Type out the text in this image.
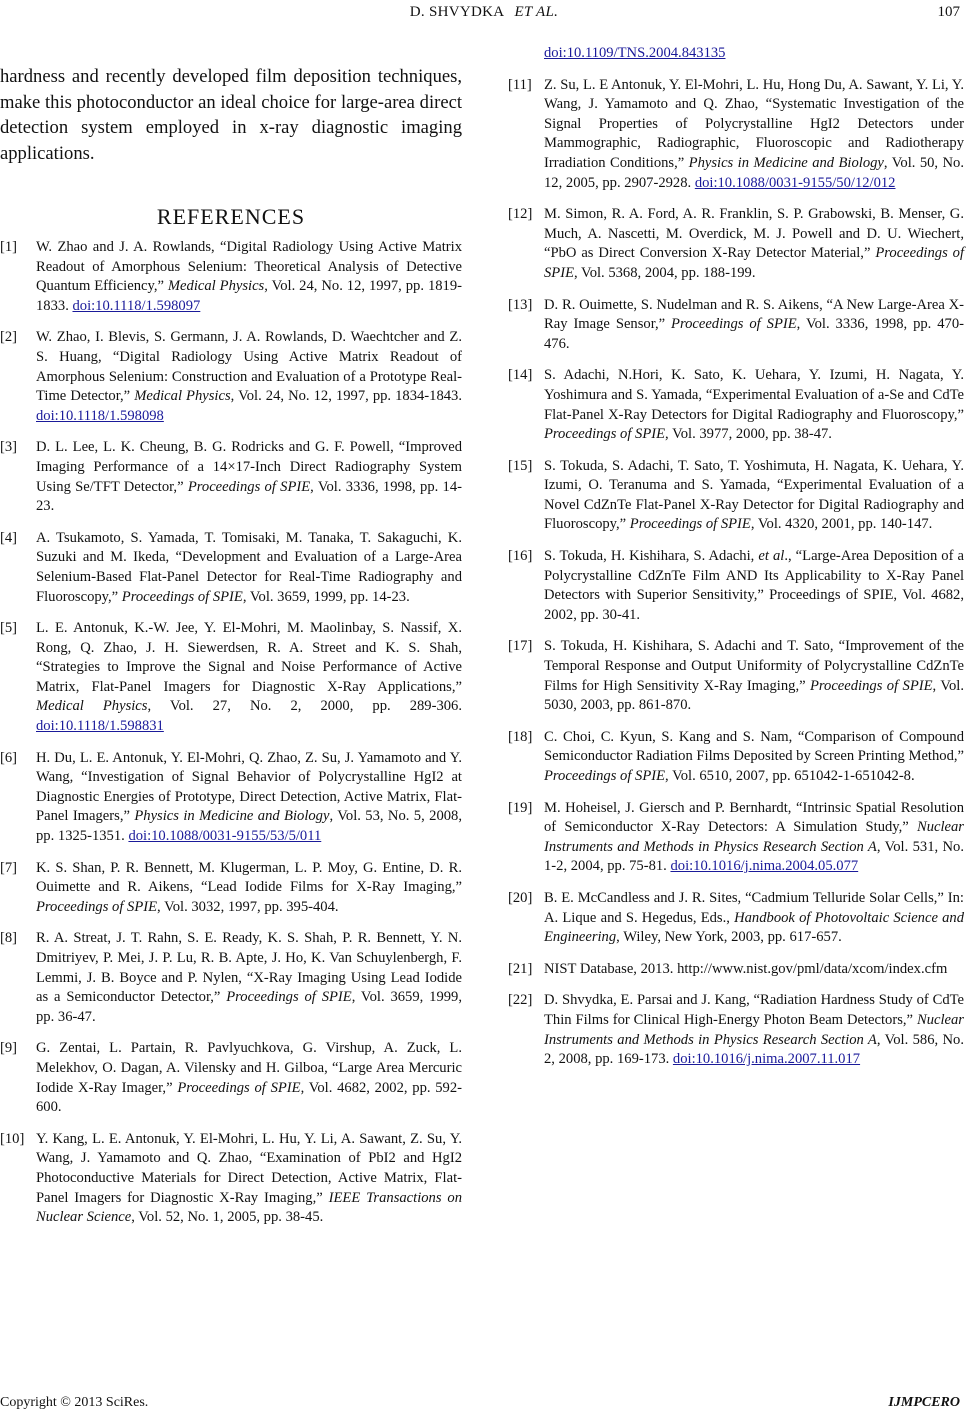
D. SHVYDKA ET AL.	107

hardness and recently developed film deposition techniques, make this photoconductor an ideal choice for large-area direct detection system employed in x-ray diagnostic imaging applications.

REFERENCES
[1] W. Zhao and J. A. Rowlands, “Digital Radiology Using Active Matrix Readout of Amorphous Selenium: Theoretical Analysis of Detective Quantum Efficiency,” Medical Physics, Vol. 24, No. 12, 1997, pp. 1819-1833. doi:10.1118/1.598097
[2] W. Zhao, I. Blevis, S. Germann, J. A. Rowlands, D. Waechtcher and Z. S. Huang, “Digital Radiology Using Active Matrix Readout of Amorphous Selenium: Construction and Evaluation of a Prototype Real-Time Detector,” Medical Physics, Vol. 24, No. 12, 1997, pp. 1834-1843. doi:10.1118/1.598098
[3] D. L. Lee, L. K. Cheung, B. G. Rodricks and G. F. Powell, “Improved Imaging Performance of a 14×17-Inch Direct Radiography System Using Se/TFT Detector,” Proceedings of SPIE, Vol. 3336, 1998, pp. 14-23.
[4] A. Tsukamoto, S. Yamada, T. Tomisaki, M. Tanaka, T. Sakaguchi, K. Suzuki and M. Ikeda, “Development and Evaluation of a Large-Area Selenium-Based Flat-Panel Detector for Real-Time Radiography and Fluoroscopy,” Proceedings of SPIE, Vol. 3659, 1999, pp. 14-23.
[5] L. E. Antonuk, K.-W. Jee, Y. El-Mohri, M. Maolinbay, S. Nassif, X. Rong, Q. Zhao, J. H. Siewerdsen, R. A. Street and K. S. Shah, “Strategies to Improve the Signal and Noise Performance of Active Matrix, Flat-Panel Imagers for Diagnostic X-Ray Applications,” Medical Physics, Vol. 27, No. 2, 2000, pp. 289-306. doi:10.1118/1.598831
[6] H. Du, L. E. Antonuk, Y. El-Mohri, Q. Zhao, Z. Su, J. Yamamoto and Y. Wang, “Investigation of Signal Behavior of Polycrystalline HgI2 at Diagnostic Energies of Prototype, Direct Detection, Active Matrix, Flat-Panel Imagers,” Physics in Medicine and Biology, Vol. 53, No. 5, 2008, pp. 1325-1351. doi:10.1088/0031-9155/53/5/011
[7] K. S. Shan, P. R. Bennett, M. Klugerman, L. P. Moy, G. Entine, D. R. Ouimette and R. Aikens, “Lead Iodide Films for X-Ray Imaging,” Proceedings of SPIE, Vol. 3032, 1997, pp. 395-404.
[8] R. A. Streat, J. T. Rahn, S. E. Ready, K. S. Shah, P. R. Bennett, Y. N. Dmitriyev, P. Mei, J. P. Lu, R. B. Apte, J. Ho, K. Van Schuylenbergh, F. Lemmi, J. B. Boyce and P. Nylen, “X-Ray Imaging Using Lead Iodide as a Semiconductor Detector,” Proceedings of SPIE, Vol. 3659, 1999, pp. 36-47.
[9] G. Zentai, L. Partain, R. Pavlyuchkova, G. Virshup, A. Zuck, L. Melekhov, O. Dagan, A. Vilensky and H. Gilboa, “Large Area Mercuric Iodide X-Ray Imager,” Proceedings of SPIE, Vol. 4682, 2002, pp. 592-600.
[10] Y. Kang, L. E. Antonuk, Y. El-Mohri, L. Hu, Y. Li, A. Sawant, Z. Su, Y. Wang, J. Yamamoto and Q. Zhao, “Examination of PbI2 and HgI2 Photoconductive Materials for Direct Detection, Active Matrix, Flat-Panel Imagers for Diagnostic X-Ray Imaging,” IEEE Transactions on Nuclear Science, Vol. 52, No. 1, 2005, pp. 38-45.
doi:10.1109/TNS.2004.843135
[11] Z. Su, L. E Antonuk, Y. El-Mohri, L. Hu, Hong Du, A. Sawant, Y. Li, Y. Wang, J. Yamamoto and Q. Zhao, “Systematic Investigation of the Signal Properties of Polycrystalline HgI2 Detectors under Mammographic, Radiographic, Fluoroscopic and Radiotherapy Irradiation Conditions,” Physics in Medicine and Biology, Vol. 50, No. 12, 2005, pp. 2907-2928. doi:10.1088/0031-9155/50/12/012
[12] M. Simon, R. A. Ford, A. R. Franklin, S. P. Grabowski, B. Menser, G. Much, A. Nascetti, M. Overdick, M. J. Powell and D. U. Wiechert, “PbO as Direct Conversion X-Ray Detector Material,” Proceedings of SPIE, Vol. 5368, 2004, pp. 188-199.
[13] D. R. Ouimette, S. Nudelman and R. S. Aikens, “A New Large-Area X-Ray Image Sensor,” Proceedings of SPIE, Vol. 3336, 1998, pp. 470-476.
[14] S. Adachi, N.Hori, K. Sato, K. Uehara, Y. Izumi, H. Nagata, Y. Yoshimura and S. Yamada, “Experimental Evaluation of a-Se and CdTe Flat-Panel X-Ray Detectors for Digital Radiography and Fluoroscopy,” Proceedings of SPIE, Vol. 3977, 2000, pp. 38-47.
[15] S. Tokuda, S. Adachi, T. Sato, T. Yoshimuta, H. Nagata, K. Uehara, Y. Izumi, O. Teranuma and S. Yamada, “Experimental Evaluation of a Novel CdZnTe Flat-Panel X-Ray Detector for Digital Radiography and Fluoroscopy,” Proceedings of SPIE, Vol. 4320, 2001, pp. 140-147.
[16] S. Tokuda, H. Kishihara, S. Adachi, et al., “Large-Area Deposition of a Polycrystalline CdZnTe Film AND Its Applicability to X-Ray Panel Detectors with Superior Sensitivity,” Proceedings of SPIE, Vol. 4682, 2002, pp. 30-41.
[17] S. Tokuda, H. Kishihara, S. Adachi and T. Sato, “Improvement of the Temporal Response and Output Uniformity of Polycrystalline CdZnTe Films for High Sensitivity X-Ray Imaging,” Proceedings of SPIE, Vol. 5030, 2003, pp. 861-870.
[18] C. Choi, C. Kyun, S. Kang and S. Nam, “Comparison of Compound Semiconductor Radiation Films Deposited by Screen Printing Method,” Proceedings of SPIE, Vol. 6510, 2007, pp. 651042-1-651042-8.
[19] M. Hoheisel, J. Giersch and P. Bernhardt, “Intrinsic Spatial Resolution of Semiconductor X-Ray Detectors: A Simulation Study,” Nuclear Instruments and Methods in Physics Research Section A, Vol. 531, No. 1-2, 2004, pp. 75-81. doi:10.1016/j.nima.2004.05.077
[20] B. E. McCandless and J. R. Sites, “Cadmium Telluride Solar Cells,” In: A. Lique and S. Hegedus, Eds., Handbook of Photovoltaic Science and Engineering, Wiley, New York, 2003, pp. 617-657.
[21] NIST Database, 2013. http://www.nist.gov/pml/data/xcom/index.cfm
[22] D. Shvydka, E. Parsai and J. Kang, “Radiation Hardness Study of CdTe Thin Films for Clinical High-Energy Photon Beam Detectors,” Nuclear Instruments and Methods in Physics Research Section A, Vol. 586, No. 2, 2008, pp. 169-173. doi:10.1016/j.nima.2007.11.017
Copyright © 2013 SciRes.	IJMPCERO
